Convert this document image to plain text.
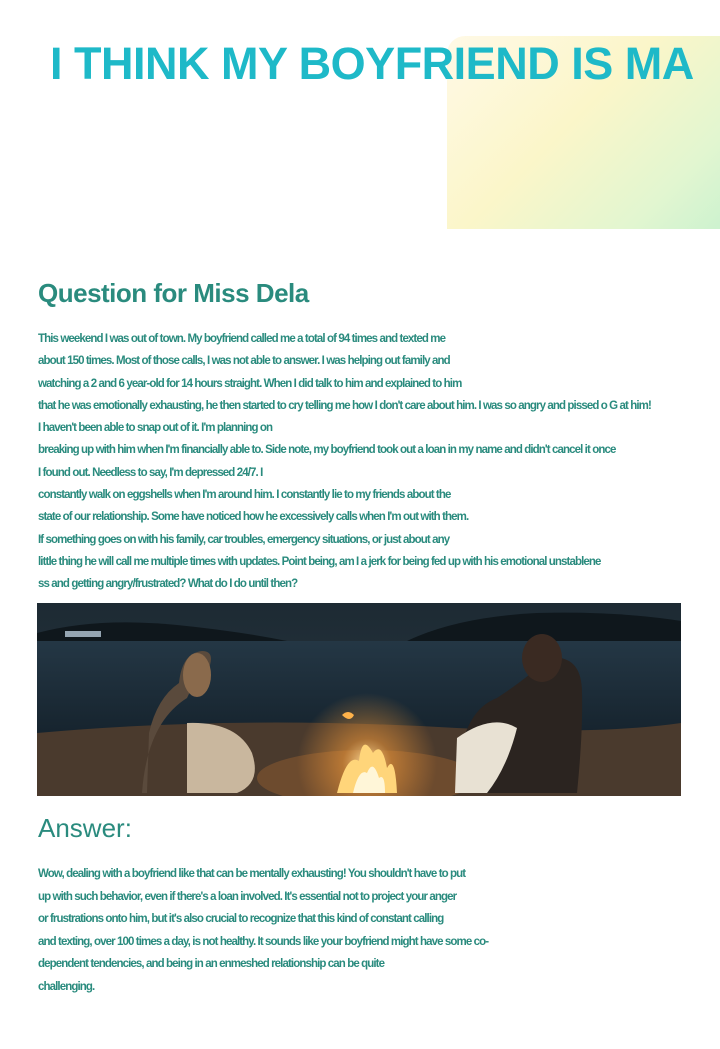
I THINK MY BOYFRIEND IS MA
Question for Miss Dela
This weekend I was out of town. My boyfriend called me a total of 94 times and texted me
about 150 times. Most of those calls, I was not able to answer. I was helping out family and
watching a 2 and 6 year-old for 14 hours straight. When I did talk to him and explained to him
that he was emotionally exhausting, he then started to cry telling me how I don't care about him. I was so angry and pissed o G at him!
I haven't been able to snap out of it. I'm planning on
breaking up with him when I'm financially able to. Side note, my boyfriend took out a loan in my name and didn't cancel it once
I found out. Needless to say, I'm depressed 24/7. I
constantly walk on eggshells when I'm around him. I constantly lie to my friends about the
state of our relationship. Some have noticed how he excessively calls when I'm out with them.
If something goes on with his family, car troubles, emergency situations, or just about any
little thing he will call me multiple times with updates. Point being, am I a jerk for being fed up with his emotional unstablene
ss and getting angry/frustrated? What do I do until then?
Answer:
Wow, dealing with a boyfriend like that can be mentally exhausting! You shouldn't have to put
up with such behavior, even if there's a loan involved. It's essential not to project your anger
or frustrations onto him, but it's also crucial to recognize that this kind of constant calling
and texting, over 100 times a day, is not healthy. It sounds like your boyfriend might have some co-
dependent tendencies, and being in an enmeshed relationship can be quite
challenging.
